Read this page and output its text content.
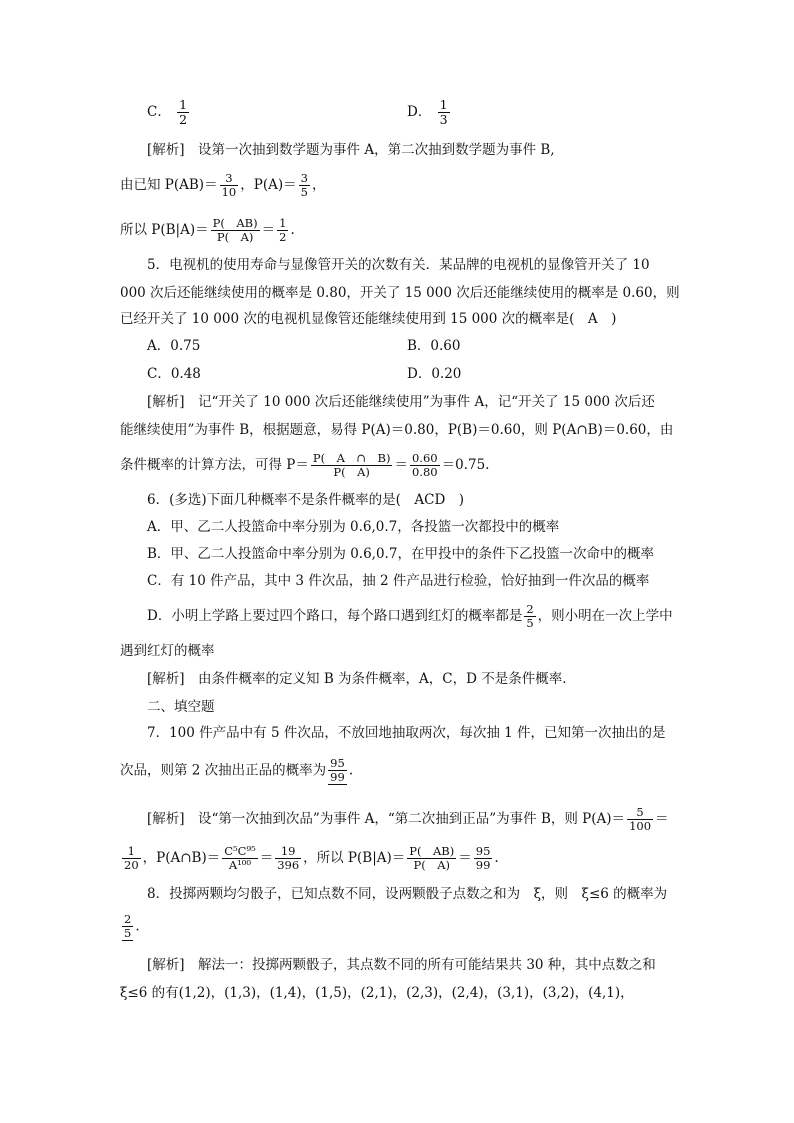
C． $\frac{1}{2}$	D． $\frac{1}{3}$
[解析]　设第一次抽到数学题为事件 A，第二次抽到数学题为事件 B,
由已知 $P(AB)= \frac{3}{10}$ ，$P(A)= \frac{3}{5}$ ，
所以 $P(B|A)= \frac{P( AB)}{P( A)} = \frac{1}{2}$ .
5．电视机的使用寿命与显像管开关的次数有关．某品牌的电视机的显像管开关了 10
000 次后还能继续使用的概率是 0.80，开关了 15 000 次后还能继续使用的概率是 0.60，则
已经开关了 10 000 次的电视机显像管还能继续使用到 15 000 次的概率是(　A　)
A．0.75	B．0.60
C．0.48	D．0.20
[解析]　记“开关了 10 000 次后还能继续使用”为事件 A，记“开关了 15 000 次后还
能继续使用”为事件 B，根据题意，易得 P(A)＝0.80，P(B)＝0.60，则 P(A∩B)＝0.60，由
条件概率的计算方法，可得 $P= \frac{P( A \cap B)}{P( A)} = \frac{0.60}{0.80} =0.75$.
6．(多选)下面几种概率不是条件概率的是(　ACD　)
A．甲、乙二人投篮命中率分别为 0.6,0.7，各投篮一次都投中的概率
B．甲、乙二人投篮命中率分别为 0.6,0.7，在甲投中的条件下乙投篮一次命中的概率
C．有 10 件产品，其中 3 件次品，抽 2 件产品进行检验，恰好抽到一件次品的概率
D．小明上学路上要过四个路口，每个路口遇到红灯的概率都是 $\frac{2}{5}$ ，则小明在一次上学中
遇到红灯的概率
[解析]　由条件概率的定义知 B 为条件概率，A，C，D 不是条件概率．
二、填空题
7．100 件产品中有 5 件次品，不放回地抽取两次，每次抽 1 件，已知第一次抽出的是
次品，则第 2 次抽出正品的概率为 $\frac{95}{99}$ .
[解析]　设“第一次抽到次品”为事件 A，“第二次抽到正品”为事件 B，则 $P(A)= \frac{5}{100}$ ＝
$\frac{1}{20}$ ，P(A∩B)＝ $\frac{\text{C⁵C⁹⁵}}{\text{A¹⁰⁰}} = \frac{19}{396}$ ，所以 $P(B|A)= \frac{P( AB)}{P( A)} = \frac{95}{99}$ .
8．投掷两颗均匀骰子，已知点数不同，设两颗骰子点数之和为　ξ，则　ξ≤6 的概率为
$\frac{2}{5}$ .
[解析]　解法一：投掷两颗骰子，其点数不同的所有可能结果共 30 种，其中点数之和
ξ≤6 的有(1,2)，(1,3)，(1,4)，(1,5)，(2,1)，(2,3)，(2,4)，(3,1)，(3,2)，(4,1)，
